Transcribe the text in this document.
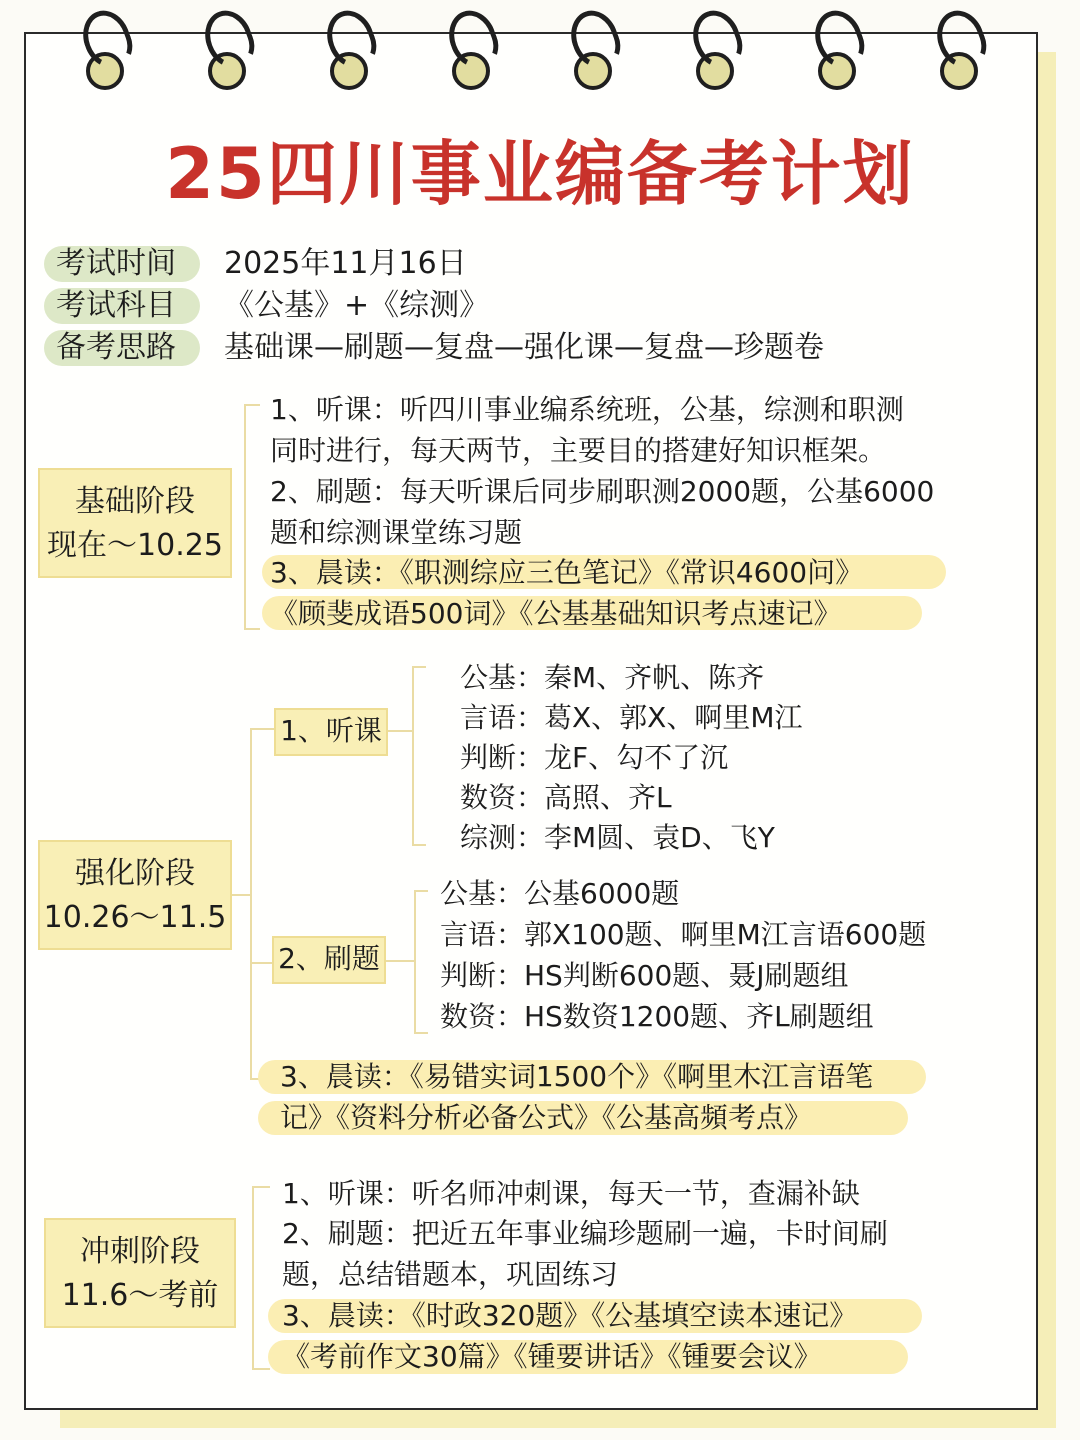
25四川事业编备考计划
考试时间	2025年11月16日
考试科目	《公基》+《综测》
备考思路	基础课—刷题—复盘—强化课—复盘—珍题卷
基础阶段
现在～10.25
1、听课：听四川事业编系统班，公基，综测和职测
同时进行，每天两节，主要目的搭建好知识框架。
2、刷题：每天听课后同步刷职测2000题，公基6000
题和综测课堂练习题
3、晨读：《职测综应三色笔记》《常识4600问》
《顾斐成语500词》《公基基础知识考点速记》
强化阶段
10.26～11.5
1、听课
公基：秦M、齐帆、陈齐
言语：葛X、郭X、啊里M江
判断：龙F、勾不了沉
数资：高照、齐L
综测：李M圆、袁D、飞Y
2、刷题
公基：公基6000题
言语：郭X100题、啊里M江言语600题
判断：HS判断600题、聂J刷题组
数资：HS数资1200题、齐L刷题组
3、晨读：《易错实词1500个》《啊里木江言语笔
记》《资料分析必备公式》《公基高頻考点》
冲刺阶段
11.6～考前
1、听课：听名师冲刺课，每天一节，查漏补缺
2、刷题：把近五年事业编珍题刷一遍，卡时间刷
题，总结错题本，巩固练习
3、晨读：《时政320题》《公基填空读本速记》
《考前作文30篇》《锺要讲话》《锺要会议》
